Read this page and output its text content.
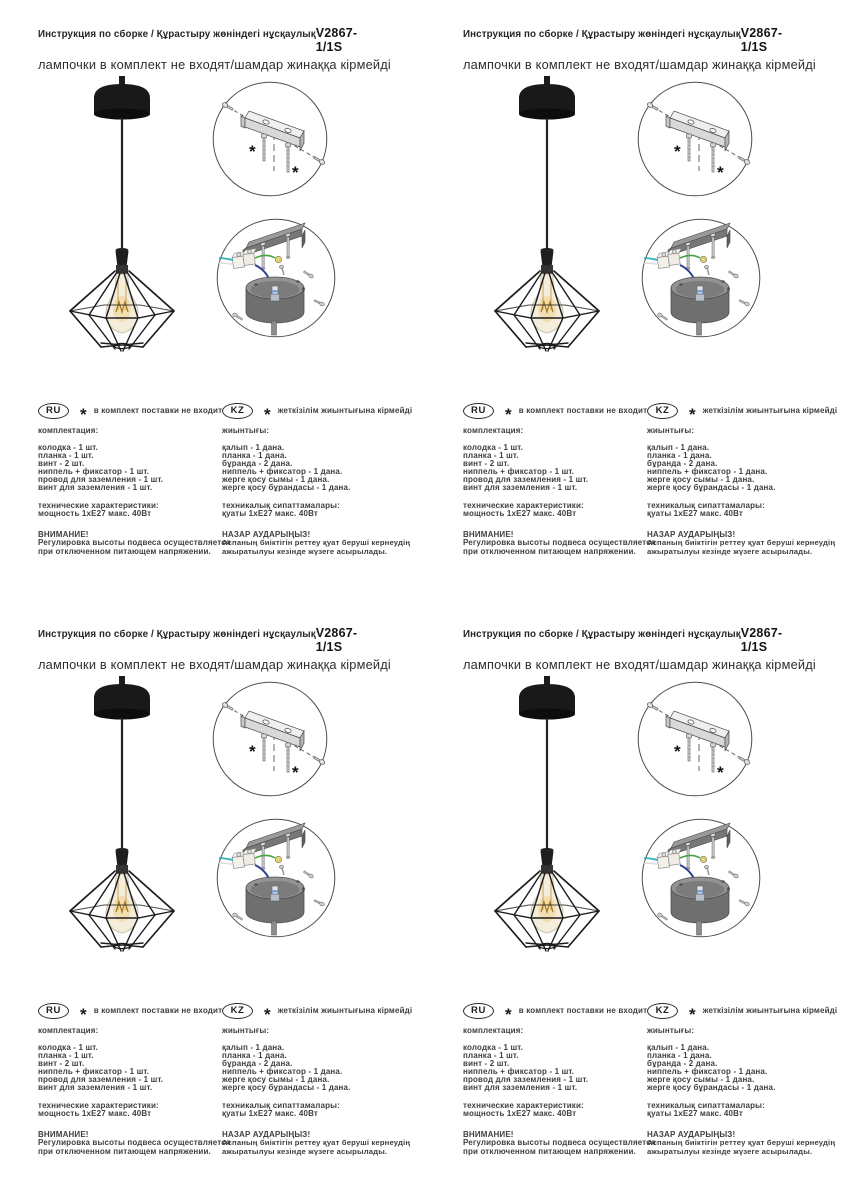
Инструкция по сборке / Құрастыру жөніндегі нұсқаулық V2867-1/1S
лампочки в комплект не входят/шамдар жинаққа кірмейді
*
*
RU	* в комплект поставки не входит
комплектация:
колодка - 1 шт.
планка - 1 шт.
винт - 2 шт.
ниппель + фиксатор - 1 шт.
провод для заземления - 1 шт.
винт для заземления - 1 шт.
технические характеристики:
мощность 1хЕ27 макс. 40Вт
ВНИМАНИЕ!
Регулировка высоты подвеса осуществляется при отключенном питающем напряжении.
KZ	* жеткізілім жиынтығына кірмейді
жиынтығы:
қалып - 1 дана.
планка - 1 дана.
бұранда - 2 дана.
ниппель + фиксатор - 1 дана.
жерге қосу сымы - 1 дана.
жерге қосу бұрандасы - 1 дана.
техникалық сипаттамалары:
қуаты 1хЕ27 макс. 40Вт
НАЗАР АУДАРЫҢЫЗ!
Аспаның биіктігін реттеу қуат беруші кернеудің ажыратылуы кезінде жүзеге асырылады.
Инструкция по сборке / Құрастыру жөніндегі нұсқаулық V2867-1/1S
лампочки в комплект не входят/шамдар жинаққа кірмейді
*
*
RU	* в комплект поставки не входит
комплектация:
колодка - 1 шт.
планка - 1 шт.
винт - 2 шт.
ниппель + фиксатор - 1 шт.
провод для заземления - 1 шт.
винт для заземления - 1 шт.
технические характеристики:
мощность 1хЕ27 макс. 40Вт
ВНИМАНИЕ!
Регулировка высоты подвеса осуществляется при отключенном питающем напряжении.
KZ	* жеткізілім жиынтығына кірмейді
жиынтығы:
қалып - 1 дана.
планка - 1 дана.
бұранда - 2 дана.
ниппель + фиксатор - 1 дана.
жерге қосу сымы - 1 дана.
жерге қосу бұрандасы - 1 дана.
техникалық сипаттамалары:
қуаты 1хЕ27 макс. 40Вт
НАЗАР АУДАРЫҢЫЗ!
Аспаның биіктігін реттеу қуат беруші кернеудің ажыратылуы кезінде жүзеге асырылады.
Инструкция по сборке / Құрастыру жөніндегі нұсқаулық V2867-1/1S
лампочки в комплект не входят/шамдар жинаққа кірмейді
*
*
RU	* в комплект поставки не входит
комплектация:
колодка - 1 шт.
планка - 1 шт.
винт - 2 шт.
ниппель + фиксатор - 1 шт.
провод для заземления - 1 шт.
винт для заземления - 1 шт.
технические характеристики:
мощность 1хЕ27 макс. 40Вт
ВНИМАНИЕ!
Регулировка высоты подвеса осуществляется при отключенном питающем напряжении.
KZ	* жеткізілім жиынтығына кірмейді
жиынтығы:
қалып - 1 дана.
планка - 1 дана.
бұранда - 2 дана.
ниппель + фиксатор - 1 дана.
жерге қосу сымы - 1 дана.
жерге қосу бұрандасы - 1 дана.
техникалық сипаттамалары:
қуаты 1хЕ27 макс. 40Вт
НАЗАР АУДАРЫҢЫЗ!
Аспаның биіктігін реттеу қуат беруші кернеудің ажыратылуы кезінде жүзеге асырылады.
Инструкция по сборке / Құрастыру жөніндегі нұсқаулық V2867-1/1S
лампочки в комплект не входят/шамдар жинаққа кірмейді
*
*
RU	* в комплект поставки не входит
комплектация:
колодка - 1 шт.
планка - 1 шт.
винт - 2 шт.
ниппель + фиксатор - 1 шт.
провод для заземления - 1 шт.
винт для заземления - 1 шт.
технические характеристики:
мощность 1хЕ27 макс. 40Вт
ВНИМАНИЕ!
Регулировка высоты подвеса осуществляется при отключенном питающем напряжении.
KZ	* жеткізілім жиынтығына кірмейді
жиынтығы:
қалып - 1 дана.
планка - 1 дана.
бұранда - 2 дана.
ниппель + фиксатор - 1 дана.
жерге қосу сымы - 1 дана.
жерге қосу бұрандасы - 1 дана.
техникалық сипаттамалары:
қуаты 1хЕ27 макс. 40Вт
НАЗАР АУДАРЫҢЫЗ!
Аспаның биіктігін реттеу қуат беруші кернеудің ажыратылуы кезінде жүзеге асырылады.
